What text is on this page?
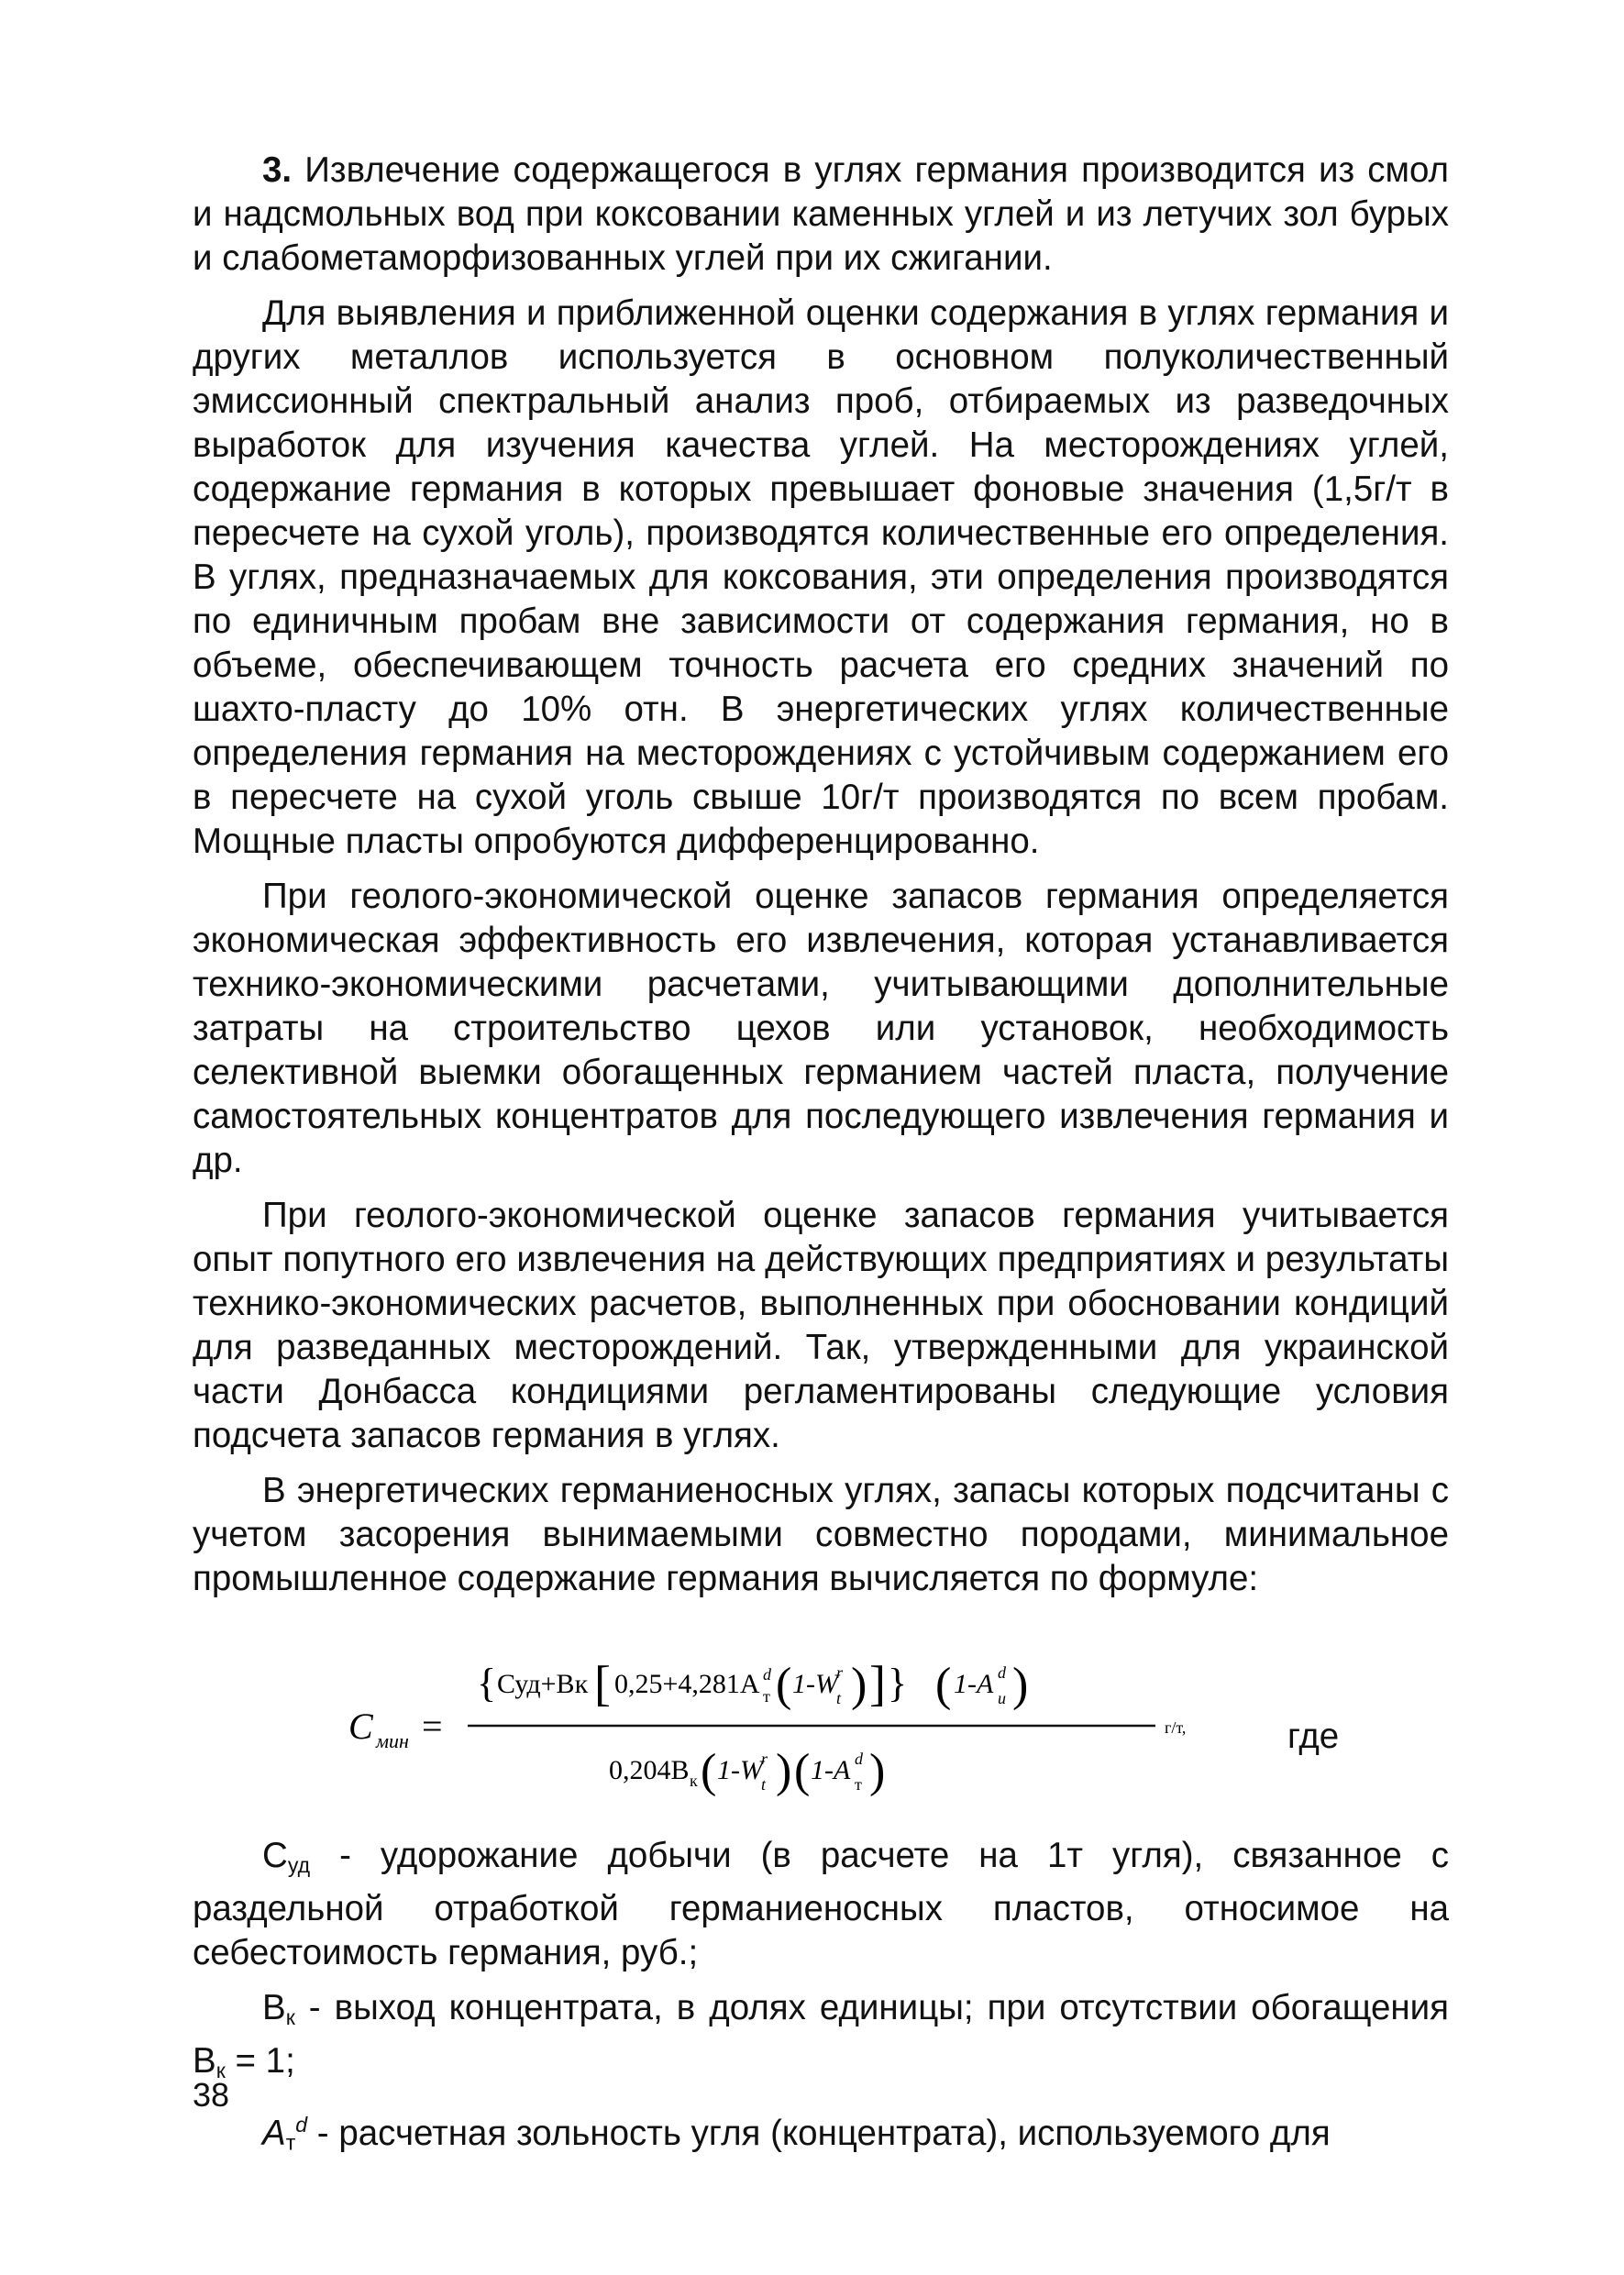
3. Извлечение содержащегося в углях германия производится из смол и надсмольных вод при коксовании каменных углей и из летучих зол бурых и слабометаморфизованных углей при их сжигании.

Для выявления и приближенной оценки содержания в углях германия и других металлов используется в основном полуколичественный эмиссионный спектральный анализ проб, отбираемых из разведочных выработок для изучения качества углей. На месторождениях углей, содержание германия в которых превышает фоновые значения (1,5г/т в пересчете на сухой уголь), производятся количественные его определения. В углях, предназначаемых для коксования, эти определения производятся по единичным пробам вне зависимости от содержания германия, но в объеме, обеспечивающем точность расчета его средних значений по шахто-пласту до 10% отн. В энергетических углях количественные определения германия на месторождениях с устойчивым содержанием его в пересчете на сухой уголь свыше 10г/т производятся по всем пробам. Мощные пласты опробуются дифференцированно.

При геолого-экономической оценке запасов германия определяется экономическая эффективность его извлечения, которая устанавливается технико-экономическими расчетами, учитывающими дополнительные затраты на строительство цехов или установок, необходимость селективной выемки обогащенных германием частей пласта, получение самостоятельных концентратов для последующего извлечения германия и др.

При геолого-экономической оценке запасов германия учитывается опыт попутного его извлечения на действующих предприятиях и результаты технико-экономических расчетов, выполненных при обосновании кондиций для разведанных месторождений. Так, утвержденными для украинской части Донбасса кондициями регламентированы следующие условия подсчета запасов германия в углях.

В энергетических германиеносных углях, запасы которых подсчитаны с учетом засорения вынимаемыми совместно породами, минимальное промышленное содержание германия вычисляется по формуле:

С мин =
{ Суд+Вк [ 0,25+4,281A d
т ( 1-W
r
t ) ] } ( 1-A d
и )
г/т,
0,204В к ( 1-W
r
t ) ( 1-A d
т )
где

$С_{уд}$ - удорожание добычи (в расчете на 1т угля), связанное с раздельной отработкой германиеносных пластов, относимое на себестоимость германия, руб.;

$В_к$ - выход концентрата, в долях единицы; при отсутствии обогащения $В_к = 1$;

$А_т^d$ - расчетная зольность угля (концентрата), используемого для

38
